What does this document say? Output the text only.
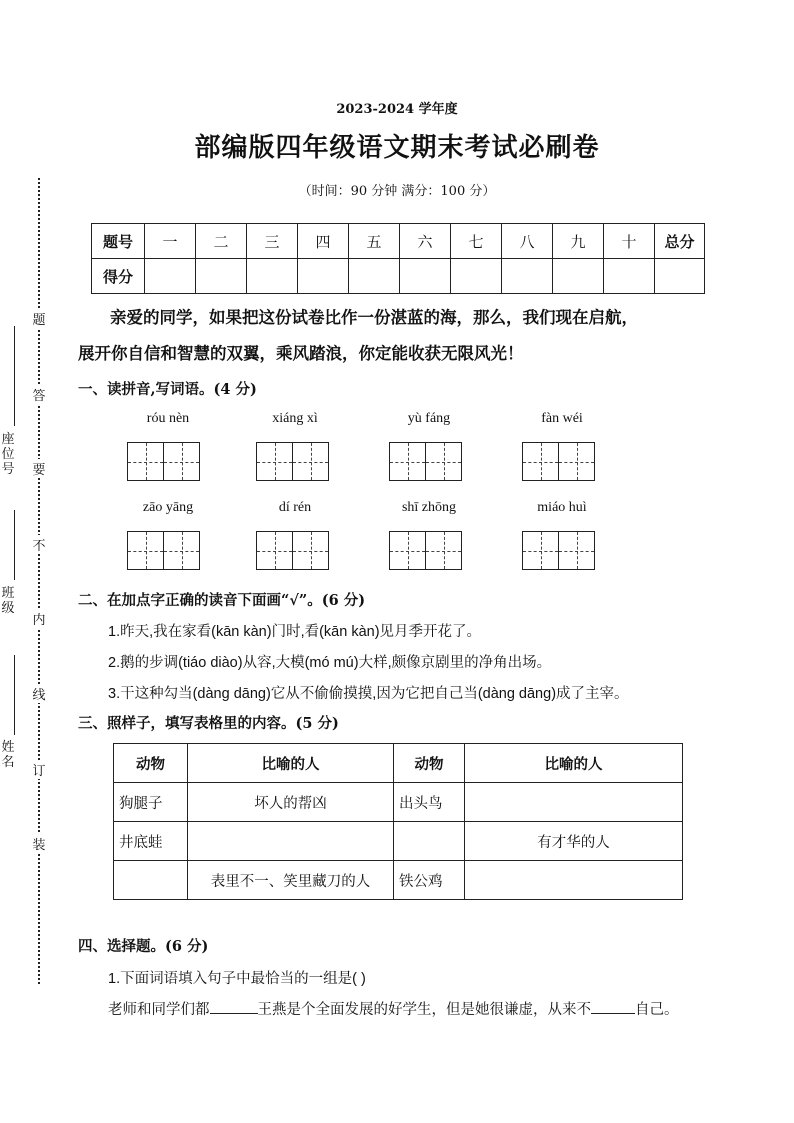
2023-2024 学年度
部编版四年级语文期末考试必刷卷
（时间：90 分钟 满分：100 分）
座位号
班级
姓名
题
答
要
不
内
线
订
装
题号	一	二	三	四	五	六	七	八	九	十	总分
得分											
亲爱的同学，如果把这份试卷比作一份湛蓝的海，那么，我们现在启航，
展开你自信和智慧的双翼，乘风踏浪，你定能收获无限风光！
一、读拼音,写词语。(4 分)
róu nèn	xiáng xì	yù fáng	fàn wéi
zāo yāng	dí rén	shī zhōng	miáo huì
二、在加点字正确的读音下面画“√”。(6 分)
1.昨天,我在家看(kān kàn)门时,看(kān kàn)见月季开花了。
2.鹅的步调(tiáo diào)从容,大模(mó mú)大样,颇像京剧里的净角出场。
3.干这种勾当(dàng dāng)它从不偷偷摸摸,因为它把自己当(dàng dāng)成了主宰。
三、照样子，填写表格里的内容。(5 分)
动物	比喻的人	动物	比喻的人
狗腿子	坏人的帮凶	出头鸟	
井底蛙			有才华的人
	表里不一、笑里藏刀的人	铁公鸡	
四、选择题。(6 分)
1.下面词语填入句子中最恰当的一组是( )
老师和同学们都	王燕是个全面发展的好学生，但是她很谦虚，从来不	自己。
